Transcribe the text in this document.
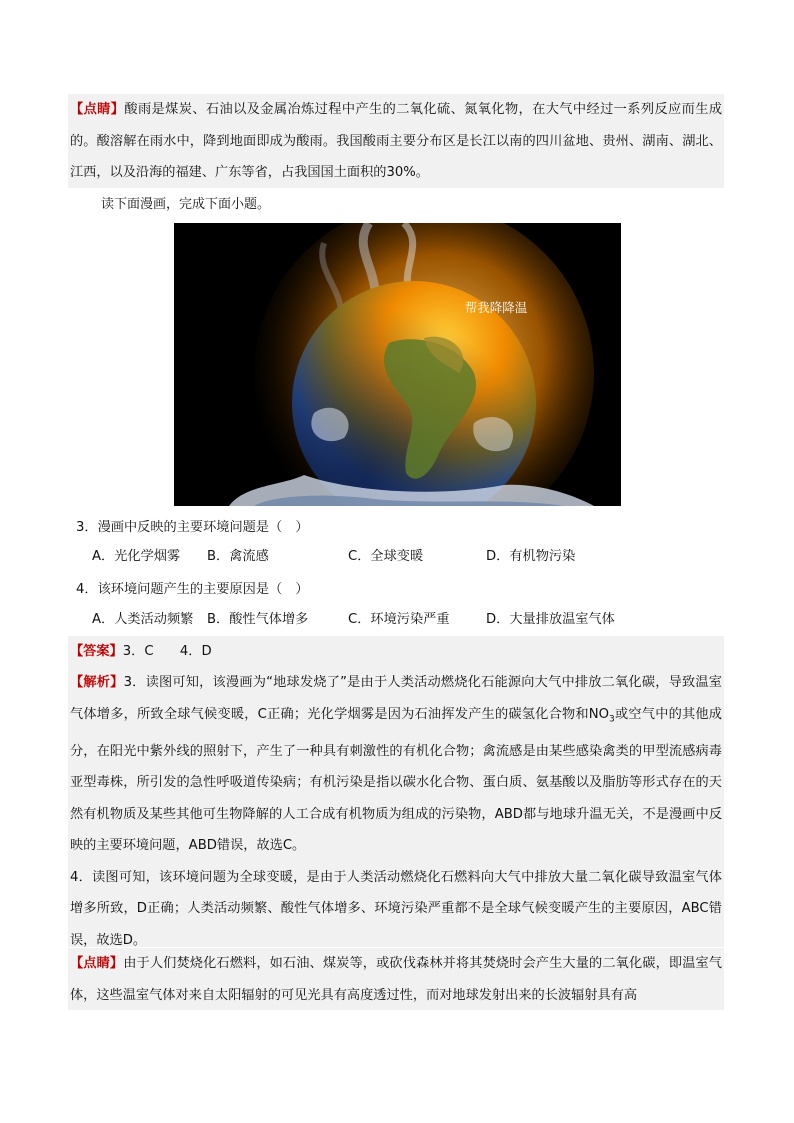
【点睛】酸雨是煤炭、石油以及金属冶炼过程中产生的二氧化硫、氮氧化物，在大气中经过一系列反应而生成的。酸溶解在雨水中，降到地面即成为酸雨。我国酸雨主要分布区是长江以南的四川盆地、贵州、湖南、湖北、江西，以及沿海的福建、广东等省，占我国国土面积的30%。
读下面漫画，完成下面小题。
帮我降降温
3．漫画中反映的主要环境问题是（　）
A．光化学烟雾	B．禽流感	C．全球变暖	D．有机物污染
4．该环境问题产生的主要原因是（　）
A．人类活动频繁	B．酸性气体增多	C．环境污染严重	D．大量排放温室气体
【答案】3．C　　4．D
【解析】3．读图可知，该漫画为“地球发烧了”是由于人类活动燃烧化石能源向大气中排放二氧化碳，导致温室气体增多，所致全球气候变暖，C正确；光化学烟雾是因为石油挥发产生的碳氢化合物和$NO_3$或空气中的其他成分，在阳光中紫外线的照射下，产生了一种具有刺激性的有机化合物；禽流感是由某些感染禽类的甲型流感病毒亚型毒株，所引发的急性呼吸道传染病；有机污染是指以碳水化合物、蛋白质、氨基酸以及脂肪等形式存在的天然有机物质及某些其他可生物降解的人工合成有机物质为组成的污染物，ABD都与地球升温无关，不是漫画中反映的主要环境问题，ABD错误，故选C。
4．读图可知，该环境问题为全球变暖，是由于人类活动燃烧化石燃料向大气中排放大量二氧化碳导致温室气体增多所致，D正确；人类活动频繁、酸性气体增多、环境污染严重都不是全球气候变暖产生的主要原因，ABC错误，故选D。
【点睛】由于人们焚烧化石燃料，如石油、煤炭等，或砍伐森林并将其焚烧时会产生大量的二氧化碳，即温室气体，这些温室气体对来自太阳辐射的可见光具有高度透过性，而对地球发射出来的长波辐射具有高
